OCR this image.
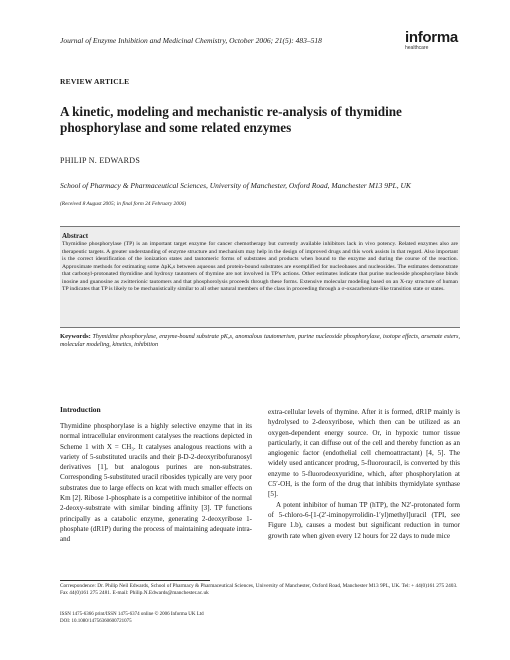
Journal of Enzyme Inhibition and Medicinal Chemistry, October 2006; 21(5): 483–518	informa
healthcare
REVIEW ARTICLE
A kinetic, modeling and mechanistic re-analysis of thymidine phosphorylase and some related enzymes
PHILIP N. EDWARDS
School of Pharmacy & Pharmaceutical Sciences, University of Manchester, Oxford Road, Manchester M13 9PL, UK
(Received 8 August 2005; in final form 24 February 2006)
Abstract

Thymidine phosphorylase (TP) is an important target enzyme for cancer chemotherapy but currently available inhibitors lack in vivo potency. Related enzymes also are therapeutic targets. A greater understanding of enzyme structure and mechanism may help in the design of improved drugs and this work assists in that regard. Also important is the correct identification of the ionization states and tautomeric forms of substrates and products when bound to the enzyme and during the course of the reaction. Approximate methods for estimating some ΔpKₐs between aqueous and protein-bound substrates are exemplified for nucleobases and nucleosides. The estimates demonstrate that carbonyl-protonated thymidine and hydroxy tautomers of thymine are not involved in TP's actions. Other estimates indicate that purine nucleoside phosphorylase binds inosine and guanosine as zwitterionic tautomers and that phosphorolysis proceeds through these forms. Extensive molecular modeling based on an X-ray structure of human TP indicates that TP is likely to be mechanistically similar to all other natural members of the class in proceeding through a σ-oxacarbenium-like transition state or states.

Keywords: Thymidine phosphorylase, enzyme-bound substrate pKₐs, anomalous tautomerism, purine nucleoside phosphorylase, isotope effects, arsenate esters, molecular modeling, kinetics, inhibition

Introduction

Thymidine phosphorylase is a highly selective enzyme that in its normal intracellular environment catalyses the reactions depicted in Scheme 1 with X = CH₃. It catalyses analogous reactions with a variety of 5-substituted uracils and their β-D-2-deoxyribofuranosyl derivatives [1], but analogous purines are non-substrates. Corresponding 5-substituted uracil ribosides typically are very poor substrates due to large effects on kcat with much smaller effects on Km [2]. Ribose 1-phosphate is a competitive inhibitor of the normal 2-deoxy-substrate with similar binding affinity [3]. TP functions principally as a catabolic enzyme, generating 2-deoxyribose 1-phosphate (dR1P) during the process of maintaining adequate intra- and

extra-cellular levels of thymine. After it is formed, dR1P mainly is hydrolysed to 2-deoxyribose, which then can be utilized as an oxygen-dependent energy source. Or, in hypoxic tumor tissue particularly, it can diffuse out of the cell and thereby function as an angiogenic factor (endothelial cell chemoattractant) [4, 5]. The widely used anticancer prodrug, 5-fluorouracil, is converted by this enzyme to 5-fluorodeoxyuridine, which, after phosphorylation at C5′-OH, is the form of the drug that inhibits thymidylate synthase [5].

A potent inhibitor of human TP (hTP), the N2′-protonated form of 5-chloro-6-[1-(2′-iminopyrrolidin-1′yl)methyl]uracil (TPI, see Figure 1.b), causes a modest but significant reduction in tumor growth rate when given every 12 hours for 22 days to nude mice

Correspondence: Dr. Philip Neil Edwards, School of Pharmacy & Pharmaceutical Sciences, University of Manchester, Oxford Road, Manchester M13 9PL, UK. Tel: + 44(0)161 275 2403. Fax 44(0)161 275 2481. E-mail: Philip.N.Edwards@manchester.ac.uk

ISSN 1475-6366 print/ISSN 1475-6374 online © 2006 Informa UK Ltd

DOI: 10.1080/14756360600721075
